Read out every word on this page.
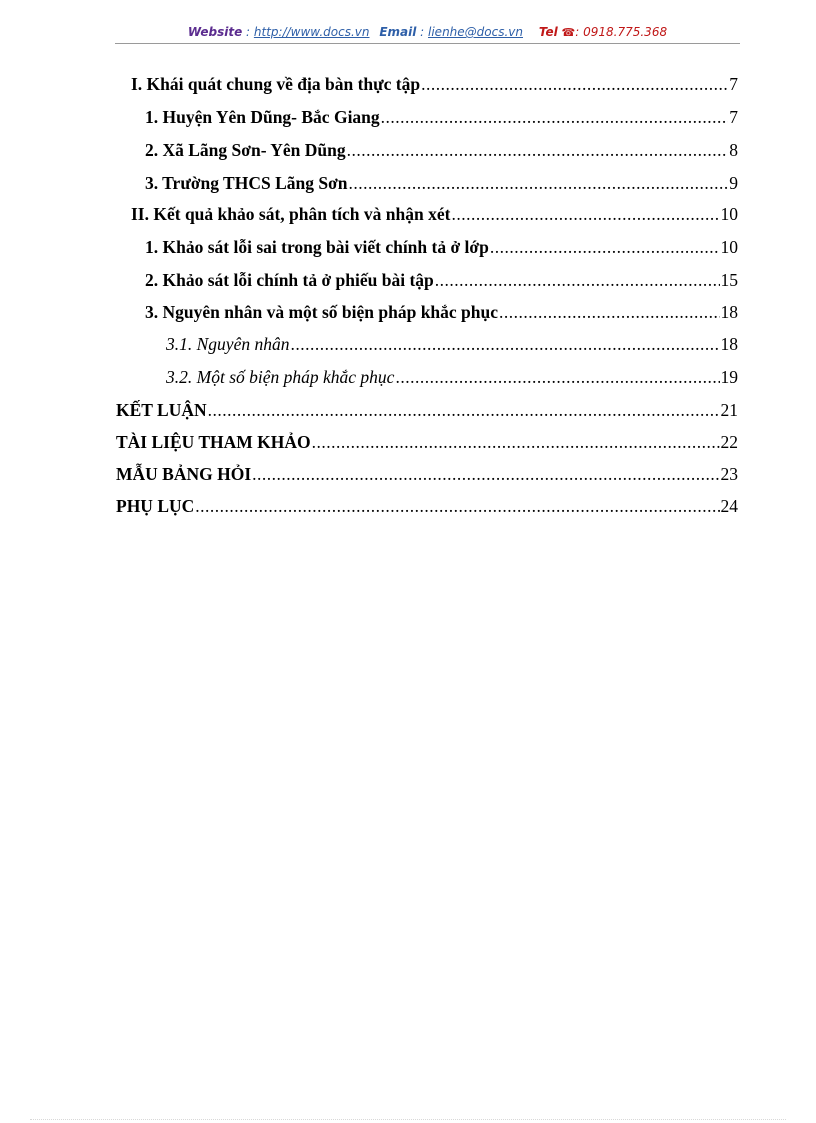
Website : http://www.docs.vn Email : lienhe@docs.vn Tel ☎: 0918.775.368
I. Khái quát chung về địa bàn thực tập .....	7
1. Huyện Yên Dũng- Bắc Giang .....	7
2. Xã Lãng Sơn- Yên Dũng .....	8
3. Trường THCS Lãng Sơn .....	9
II. Kết quả khảo sát, phân tích và nhận xét .....	10
1. Khảo sát lỗi sai trong bài viết chính tả ở lớp .....	10
2. Khảo sát lỗi chính tả ở phiếu bài tập .....	15
3. Nguyên nhân và một số biện pháp khắc phục .....	18
3.1. Nguyên nhân .....	18
3.2. Một số biện pháp khắc phục .....	19
KẾT LUẬN .....	21
TÀI LIỆU THAM KHẢO .....	22
MẪU BẢNG HỎI .....	23
PHỤ LỤC .....	24
